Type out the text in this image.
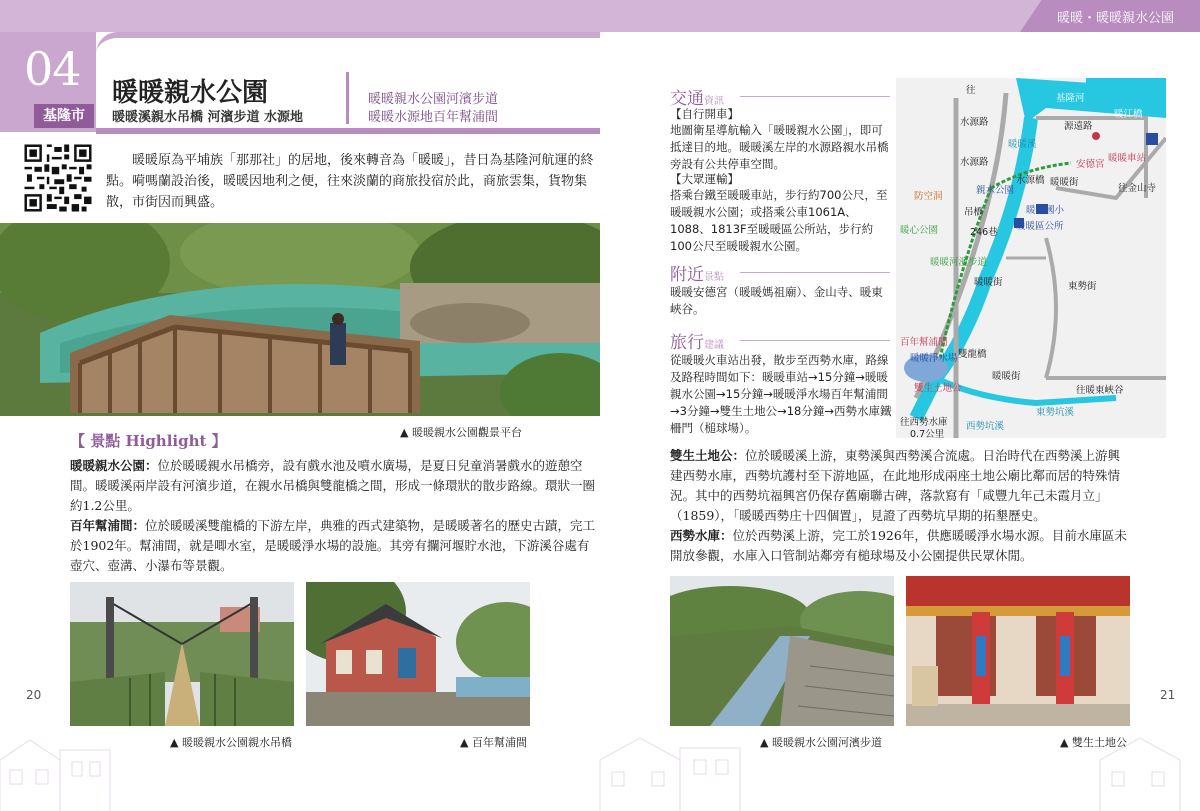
暖暖・暖暖親水公園
04
基隆市
暖暖親水公園
暖暖溪親水吊橋 河濱步道 水源地
暖暖親水公園河濱步道
暖暖水源地百年幫浦間
暖暖原為平埔族「那那社」的居地，後來轉音為「暖暖」，昔日為基隆河航運的終點。嗬嗎蘭設治後，暖暖因地利之便，往來淡蘭的商旅投宿於此，商旅雲集，貨物集散，市街因而興盛。
▲ 暖暖親水公園觀景平台
【 景點 Highlight 】
暖暖親水公園：位於暖暖親水吊橋旁，設有戲水池及噴水廣場，是夏日兒童消暑戲水的遊憩空間。暖暖溪兩岸設有河濱步道，在親水吊橋與雙龍橋之間，形成一條環狀的散步路線。環狀一圈約1.2公里。
百年幫浦間：位於暖暖溪雙龍橋的下游左岸，典雅的西式建築物，是暖暖著名的歷史古蹟，完工於1902年。幫浦間，就是唧水室，是暖暖淨水場的設施。其旁有攔河堰貯水池，下游溪谷處有壺穴、壺溝、小瀑布等景觀。
▲ 暖暖親水公園親水吊橋	▲ 百年幫浦間
20	21
交通資訊
【自行開車】
地圖衛星導航輸入「暖暖親水公園」，即可抵達目的地。暖暖溪左岸的水源路親水吊橋旁設有公共停車空間。
【大眾運輸】
搭乘台鐵至暖暖車站，步行約700公尺，至暖暖親水公園；或搭乘公車1061A、1088、1813F至暖暖區公所站，步行約100公尺至暖暖親水公園。
附近景點
暖暖安德宮（暖暖媽祖廟）、金山寺、暖東峽谷。
旅行建議
從暖暖火車站出發，散步至西勢水庫，路線及路程時間如下：暖暖車站→15分鐘→暖暖親水公園→15分鐘→暖暖淨水場百年幫浦間→3分鐘→雙生土地公→18分鐘→西勢水庫鐵柵門（槌球場）。
往
基隆河
暖江橋
水源路	源遠路
暖暖溪
水源路
水源橋
安德宮
暖暖車站
暖暖街
往金山寺
防空洞
親水公園
吊橋	暖暖國小
暖暖區公所
暖心公園	246巷
暖暖河濱步道
暖暖街	東勢街
百年幫浦間
暖暖淨水場 雙龍橋
暖暖街
雙生土地公	往暖東峽谷
往西勢水庫
0.7公里
西勢坑溪
東勢坑溪
雙生土地公：位於暖暖溪上游，東勢溪與西勢溪合流處。日治時代在西勢溪上游興建西勢水庫，西勢坑護村至下游地區，在此地形成兩座土地公廟比鄰而居的特殊情況。其中的西勢坑福興宮仍保存舊廟聯古碑，落款寫有「咸豐九年己未霞月立」（1859），「暖暖西勢庄十四個置」，見證了西勢坑早期的拓墾歷史。
西勢水庫：位於西勢溪上游，完工於1926年，供應暖暖淨水場水源。目前水庫區未開放參觀，水庫入口管制站鄰旁有槌球場及小公園提供民眾休閒。
▲ 暖暖親水公園河濱步道	▲ 雙生土地公
